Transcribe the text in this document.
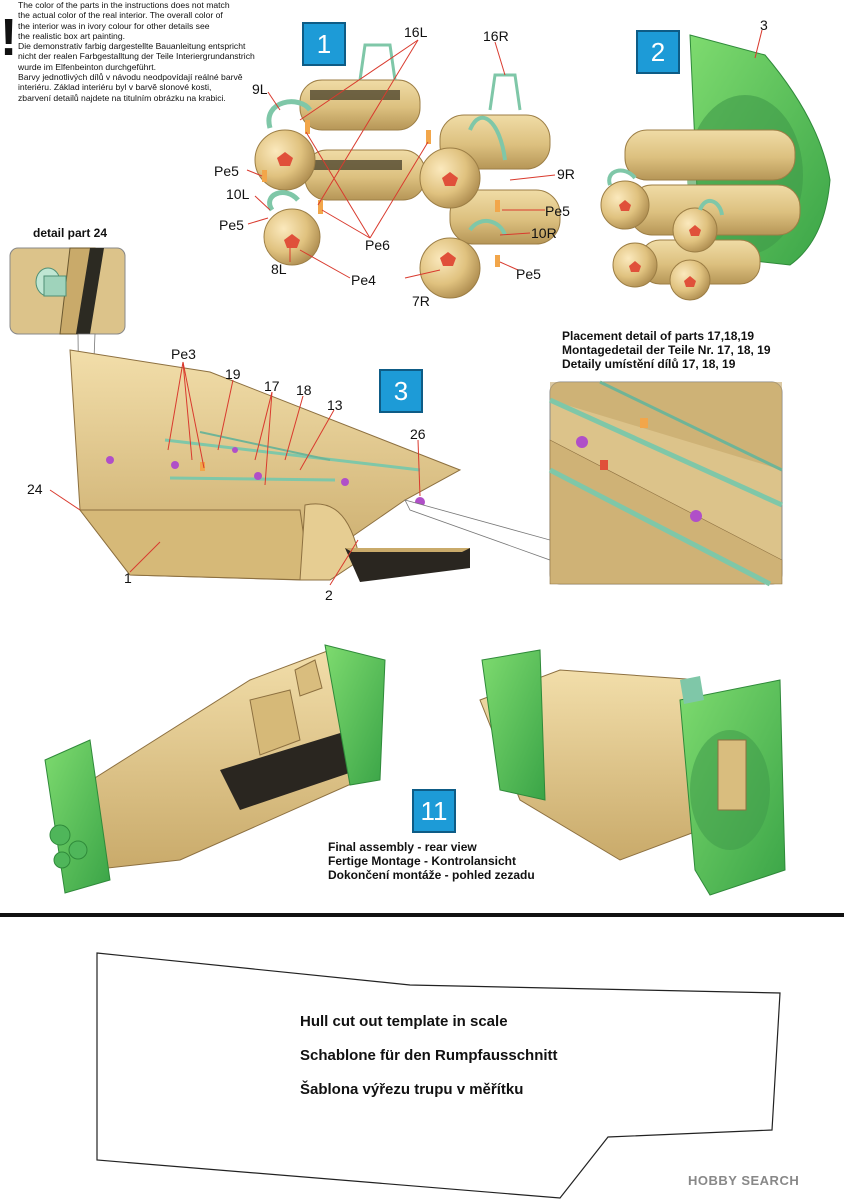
!
The color of the parts in the instructions does not match
the actual color of the real interior. The overall color of
the interior was in ivory colour for other details see
the realistic box art painting.
Die demonstrativ farbig dargestellte Bauanleitung entspricht
nicht der realen Farbgestalltung der Teile Interiergrundanstrich
wurde im Elfenbeinton durchgeführt.
Barvy jednotlivých dílů v návodu neodpovídají reálné barvě
interiéru. Základ interiéru byl v barvě slonové kosti,
zbarvení detailů najdete na titulním obrázku na krabici.
1	2
3
11
16L	16R
9L
9R
Pe5
10L
Pe5
Pe6
Pe5
10R
Pe5
8L
Pe4
7R
3
detail part 24
Pe3
19
17 18
13
26
24
1
2
Placement detail of parts 17,18,19
Montagedetail der Teile Nr. 17, 18, 19
Detaily umístění dílů 17, 18, 19
Final assembly - rear view
Fertige Montage - Kontrolansicht
Dokončení montáže - pohled zezadu
Hull cut out template in scale
Schablone für den Rumpfausschnitt
Šablona výřezu trupu v měřítku
HOBBY SEARCH
